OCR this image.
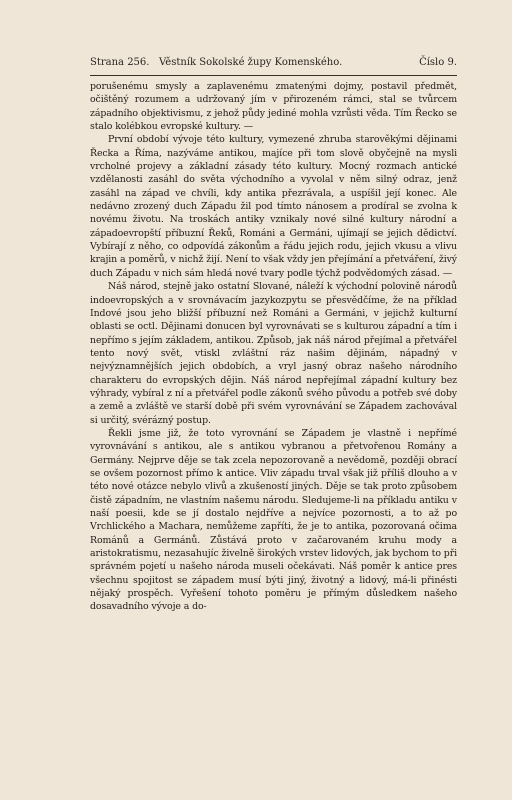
Strana 256. Věstník Sokolské župy Komenského.	Číslo 9.

porušenému smysly a zaplavenému zmatenými dojmy, postavil předmět, očištěný rozumem a udržovaný jím v přirozeném rámci, stal se tvůrcem západního objektivismu, z jehož půdy jediné mohla vzrůsti věda. Tím Řecko se stalo kolébkou evropské kultury. —

První období vývoje této kultury, vymezené zhruba starověkými dějinami Řecka a Říma, nazýváme antikou, majíce při tom slově obyčejně na mysli vrcholné projevy a základní zásady této kultury. Mocný rozmach antické vzdělanosti zasáhl do světa východního a vyvolal v něm silný odraz, jenž zasáhl na západ ve chvíli, kdy antika přezrávala, a uspíšil její konec. Ale nedávno zrozený duch Západu žil pod tímto nánosem a prodíral se zvolna k novému životu. Na troskách antiky vznikaly nové silné kultury národní a západoevropští příbuzní Řeků, Románi a Germáni, ujímají se jejich dědictví. Vybírají z něho, co odpovídá zákonům a řádu jejich rodu, jejich vkusu a vlivu krajin a poměrů, v nichž žijí. Není to však vždy jen přejímání a přetváření, živý duch Západu v nich sám hledá nové tvary podle týchž podvědomých zásad. —

Náš národ, stejně jako ostatní Slované, náleží k východní polovině národů indoevropských a v srovnávacím jazykozpytu se přesvědčíme, že na příklad Indové jsou jeho bližší příbuzní než Románi a Germáni, v jejichž kulturní oblasti se octl. Dějinami donucen byl vyrovnávati se s kulturou západní a tím i nepřímo s jejím základem, antikou. Způsob, jak náš národ přejímal a přetvářel tento nový svět, vtiskl zvláštní ráz našim dějinám, nápadný v nejvýznamnějších jejich obdobích, a vryl jasný obraz našeho národního charakteru do evropských dějin. Náš národ nepřejímal západní kultury bez výhrady, vybíral z ní a přetvářel podle zákonů svého původu a potřeb své doby a země a zvláště ve starší době při svém vyrovnávání se Západem zachovával si určitý, svérázný postup.

Řekli jsme již, že toto vyrovnání se Západem je vlastně i nepřímé vyrovnávání s antikou, ale s antikou vybranou a přetvořenou Romány a Germány. Nejprve děje se tak zcela nepozorovaně a nevědomě, později obrací se ovšem pozornost přímo k antice. Vliv západu trval však již příliš dlouho a v této nové otázce nebylo vlivů a zkušeností jiných. Děje se tak proto způsobem čistě západním, ne vlastním našemu národu. Sledujeme-li na příkladu antiku v naší poesii, kde se jí dostalo nejdříve a nejvíce pozornosti, a to až po Vrchlického a Machara, nemůžeme zapříti, že je to antika, pozorovaná očima Románů a Germánů. Zůstává proto v začarovaném kruhu mody a aristokratismu, nezasahujíc živelně širokých vrstev lidových, jak bychom to při správném pojetí u našeho národa museli očekávati. Náš poměr k antice pres všechnu spojitost se západem musí býti jiný, životný a lidový, má-li přinésti nějaký prospěch. Vyřešení tohoto poměru je přímým důsledkem našeho dosavadního vývoje a do-
